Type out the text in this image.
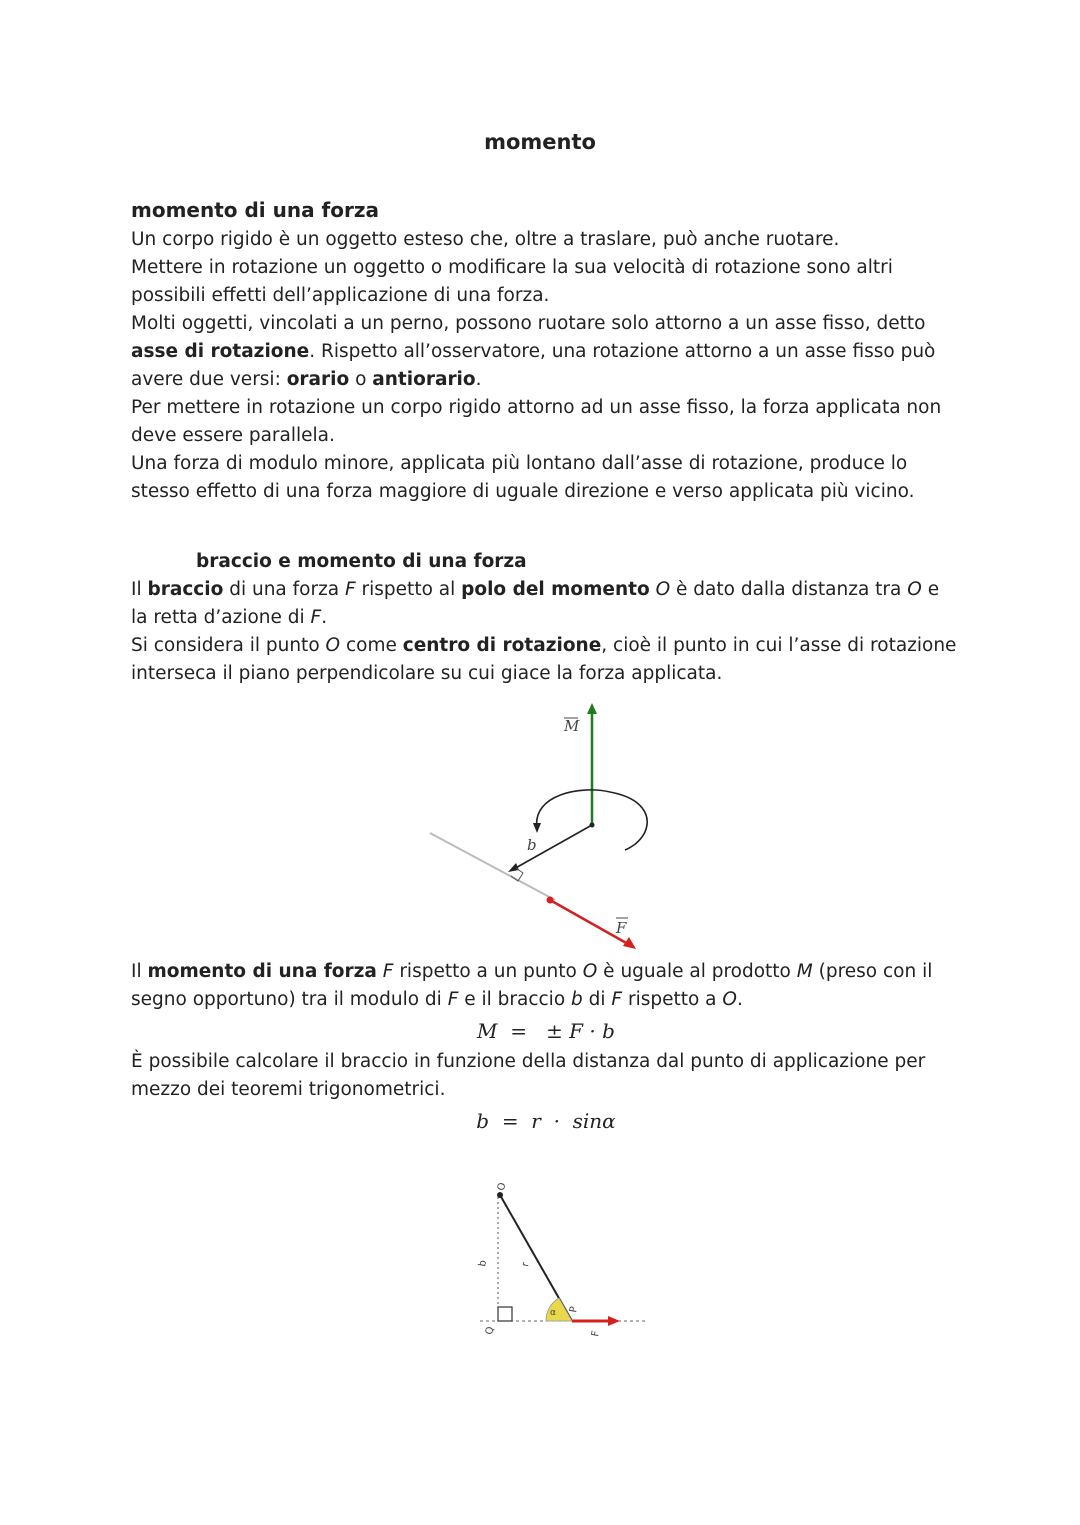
momento
momento di una forza

Un corpo rigido è un oggetto esteso che, oltre a traslare, può anche ruotare.

Mettere in rotazione un oggetto o modificare la sua velocità di rotazione sono altri possibili effetti dell’applicazione di una forza.

Molti oggetti, vincolati a un perno, possono ruotare solo attorno a un asse fisso, detto asse di rotazione. Rispetto all’osservatore, una rotazione attorno a un asse fisso può avere due versi: orario o antiorario.

Per mettere in rotazione un corpo rigido attorno ad un asse fisso, la forza applicata non deve essere parallela.

Una forza di modulo minore, applicata più lontano dall’asse di rotazione, produce lo stesso effetto di una forza maggiore di uguale direzione e verso applicata più vicino.

braccio e momento di una forza

Il braccio di una forza F rispetto al polo del momento O è dato dalla distanza tra O e la retta d’azione di F.

Si considera il punto O come centro di rotazione, cioè il punto in cui l’asse di rotazione interseca il piano perpendicolare su cui giace la forza applicata.

M
b
F

Il momento di una forza F rispetto a un punto O è uguale al prodotto M (preso con il segno opportuno) tra il modulo di F e il braccio b di F rispetto a O.

M  =   ± F · b

È possibile calcolare il braccio in funzione della distanza dal punto di applicazione per mezzo dei teoremi trigonometrici.

b  =  r  ·  sinα
O
b	r
Q
α P
F
